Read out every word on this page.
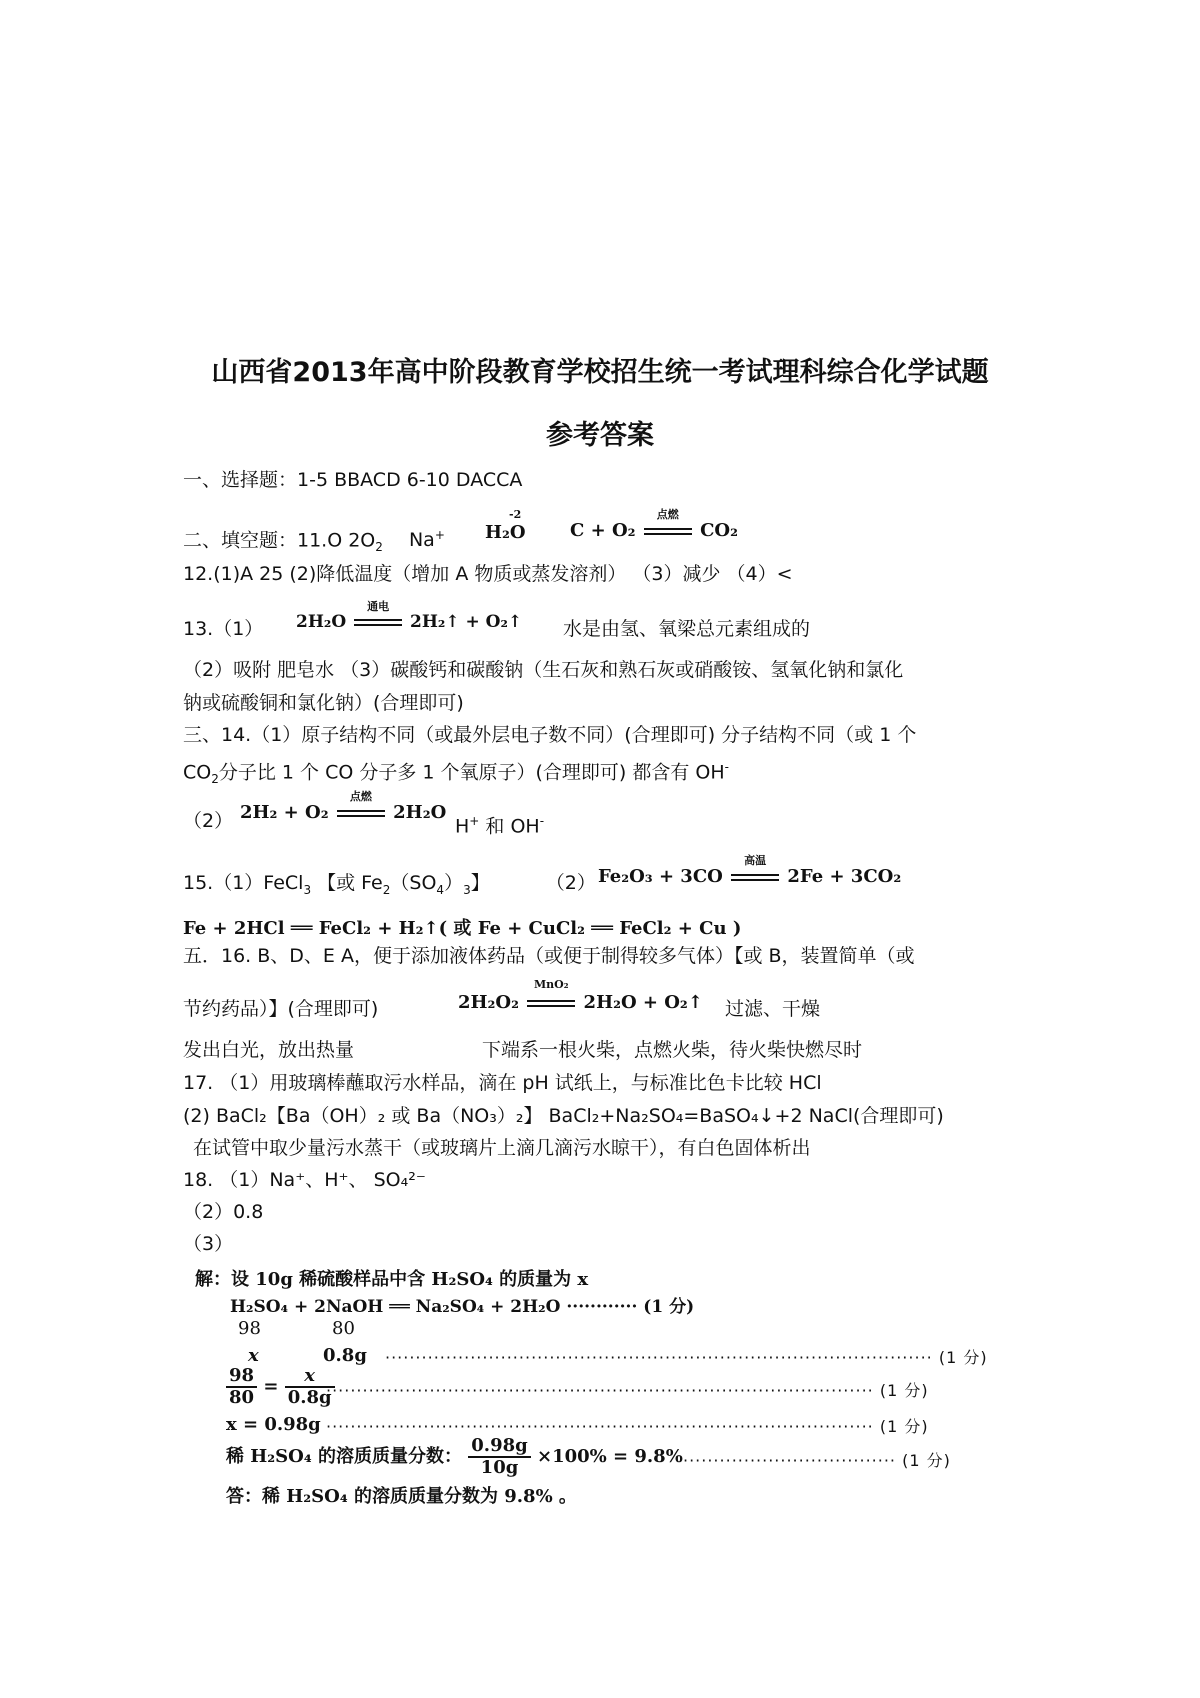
山西省2013年高中阶段教育学校招生统一考试理科综合化学试题
参考答案
一、选择题：1-5 BBACD 6-10 DACCA
二、填空题：11.O $2O_2$ Na+
-2
H₂O C + O₂
点燃
CO₂
12.(1)A 25 (2)降低温度（增加 A 物质或蒸发溶剂） （3）减少 （4）<
13.（1） 2H₂O
通电
2H₂↑ + O₂↑ 水是由氢、氧梁总元素组成的
（2）吸附 肥皂水 （3）碳酸钙和碳酸钠（生石灰和熟石灰或硝酸铵、氢氧化钠和氯化
钠或硫酸铜和氯化钠）(合理即可)
三、14.（1）原子结构不同（或最外层电子数不同）(合理即可) 分子结构不同（或 1 个
$CO_2$分子比 1 个 CO 分子多 1 个氧原子）(合理即可) 都含有 OH-
（2） 2H₂ + O₂
点燃
2H₂O
H+ 和 OH-
15.（1）FeCl$_3$ 【或 $Fe_2(SO_4)_3$】	（2） Fe₂O₃ + 3CO
高温
2Fe + 3CO₂
Fe + 2HCl ══ FeCl₂ + H₂↑( 或 Fe + CuCl₂ ══ FeCl₂ + Cu )
五．16. B、D、E A，便于添加液体药品（或便于制得较多气体）【或 B，装置简单（或
节约药品）】(合理即可)	2H₂O₂
MnO₂
2H₂O + O₂↑ 过滤、干燥
发出白光，放出热量	下端系一根火柴，点燃火柴，待火柴快燃尽时
17. （1）用玻璃棒蘸取污水样品，滴在 pH 试纸上，与标准比色卡比较 HCl
(2) BaCl₂【Ba（OH）₂ 或 Ba（NO₃）₂】 BaCl₂+Na₂SO₄=BaSO₄↓+2 NaCl(合理即可)
在试管中取少量污水蒸干（或玻璃片上滴几滴污水晾干），有白色固体析出
18. （1）Na⁺、H⁺、 SO₄²⁻
（2）0.8
（3）
解：设 10g 稀硫酸样品中含 H₂SO₄ 的质量为 x
H₂SO₄ + 2NaOH ══ Na₂SO₄ + 2H₂O ············ (1 分)
98	80
x	0.8g ·························································································· (1 分)
$\frac{98}{80} = \frac{x}{0.8g}$
·························································································· (1 分)
x = 0.98g ·························································································· (1 分)
稀 H₂SO₄ 的溶质质量分数： $\frac{0.98g}{10g} \times 100\% = 9.8\%$ ··································· (1 分)
答：稀 H₂SO₄ 的溶质质量分数为 9.8% 。
